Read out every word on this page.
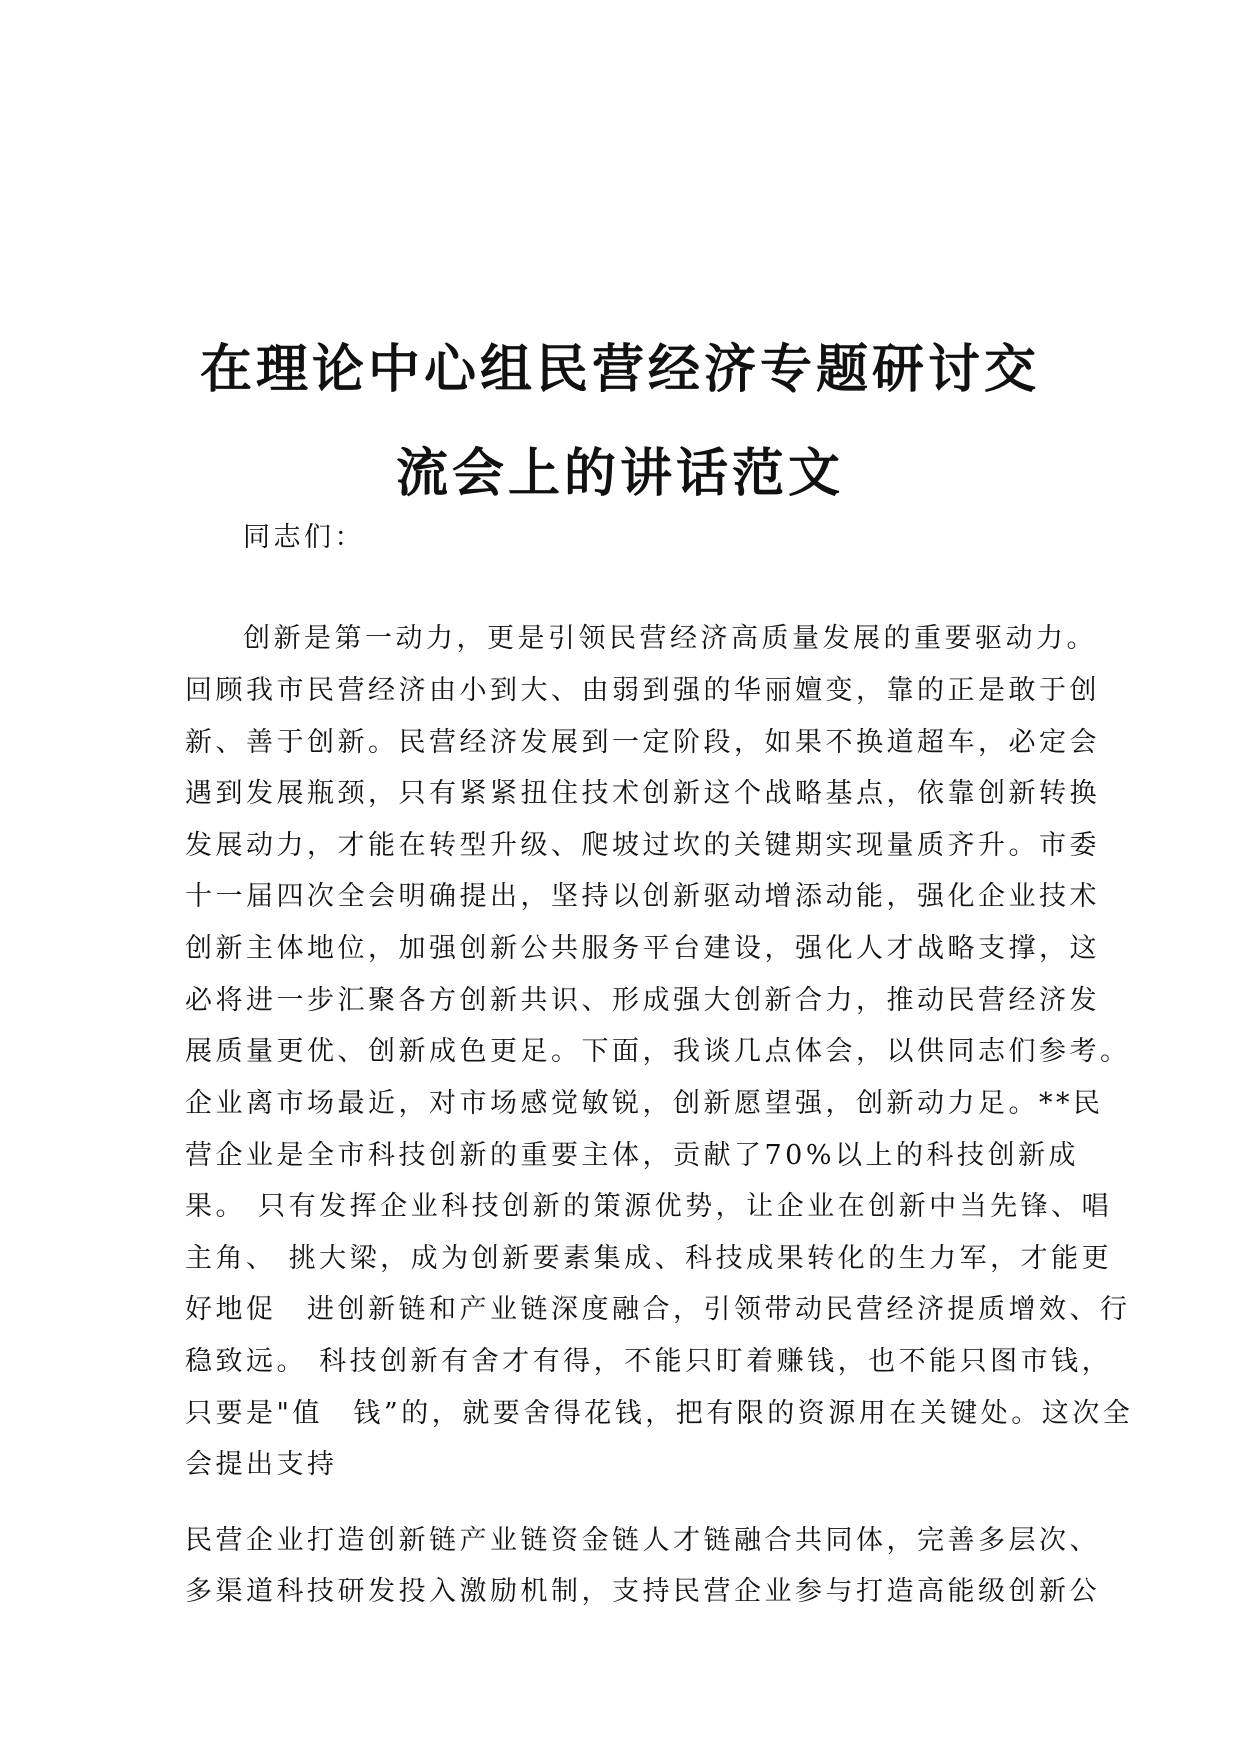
在理论中心组民营经济专题研讨交
流会上的讲话范文
同志们：
创新是第一动力，更是引领民营经济高质量发展的重要驱动力。
回顾我市民营经济由小到大、由弱到强的华丽嬗变，靠的正是敢于创
新、善于创新。民营经济发展到一定阶段，如果不换道超车，必定会
遇到发展瓶颈，只有紧紧扭住技术创新这个战略基点，依靠创新转换
发展动力，才能在转型升级、爬坡过坎的关键期实现量质齐升。市委
十一届四次全会明确提出，坚持以创新驱动增添动能，强化企业技术
创新主体地位，加强创新公共服务平台建设，强化人才战略支撑，这
必将进一步汇聚各方创新共识、形成强大创新合力，推动民营经济发
展质量更优、创新成色更足。下面，我谈几点体会，以供同志们参考。
企业离市场最近，对市场感觉敏锐，创新愿望强，创新动力足。**民
营企业是全市科技创新的重要主体，贡献了70%以上的科技创新成
果。 只有发挥企业科技创新的策源优势，让企业在创新中当先锋、唱
主角、 挑大梁，成为创新要素集成、科技成果转化的生力军，才能更
好地促　进创新链和产业链深度融合，引领带动民营经济提质增效、行
稳致远。 科技创新有舍才有得，不能只盯着赚钱，也不能只图市钱，
只要是"值　钱”的，就要舍得花钱，把有限的资源用在关键处。这次全
会提出支持
民营企业打造创新链产业链资金链人才链融合共同体，完善多层次、
多渠道科技研发投入激励机制，支持民营企业参与打造高能级创新公
